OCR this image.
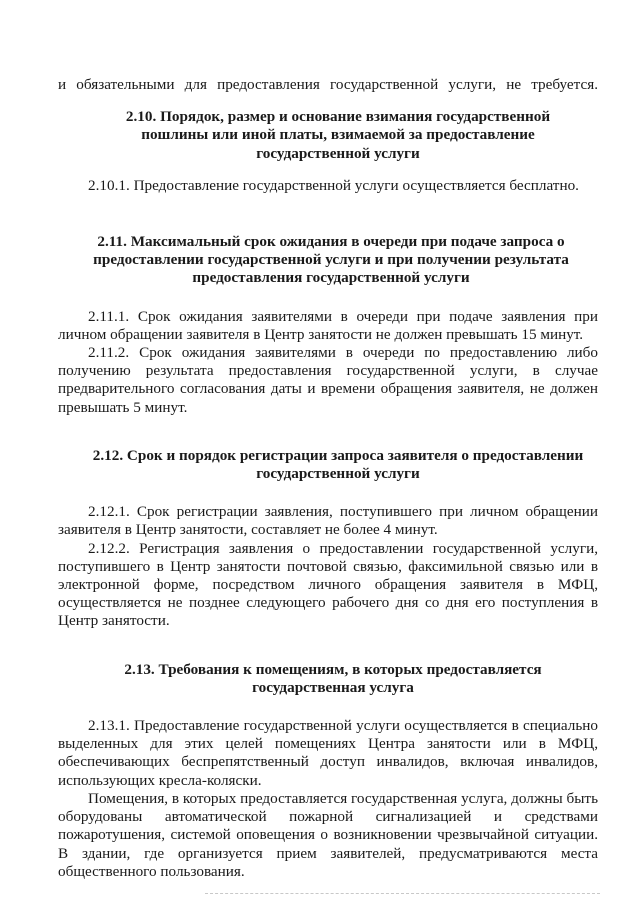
и обязательными для предоставления государственной услуги, не требуется.

2.10. Порядок, размер и основание взимания государственной пошлины или иной платы, взимаемой за предоставление государственной услуги

2.10.1. Предоставление государственной услуги осуществляется бесплатно.

2.11. Максимальный срок ожидания в очереди при подаче запроса о предоставлении государственной услуги и при получении результата предоставления государственной услуги

2.11.1. Срок ожидания заявителями в очереди при подаче заявления при личном обращении заявителя в Центр занятости не должен превышать 15 минут.

2.11.2. Срок ожидания заявителями в очереди по предоставлению либо получению результата предоставления государственной услуги, в случае предварительного согласования даты и времени обращения заявителя, не должен превышать 5 минут.

2.12. Срок и порядок регистрации запроса заявителя о предоставлении государственной услуги

2.12.1. Срок регистрации заявления, поступившего при личном обращении заявителя в Центр занятости, составляет не более 4 минут.

2.12.2. Регистрация заявления о предоставлении государственной услуги, поступившего в Центр занятости почтовой связью, факсимильной связью или в электронной форме, посредством личного обращения заявителя в МФЦ, осуществляется не позднее следующего рабочего дня со дня его поступления в Центр занятости.

2.13. Требования к помещениям, в которых предоставляется государственная услуга

2.13.1. Предоставление государственной услуги осуществляется в специально выделенных для этих целей помещениях Центра занятости или в МФЦ, обеспечивающих беспрепятственный доступ инвалидов, включая инвалидов, использующих кресла-коляски.

Помещения, в которых предоставляется государственная услуга, должны быть оборудованы автоматической пожарной сигнализацией и средствами пожаротушения, системой оповещения о возникновении чрезвычайной ситуации. В здании, где организуется прием заявителей, предусматриваются места общественного пользования.
